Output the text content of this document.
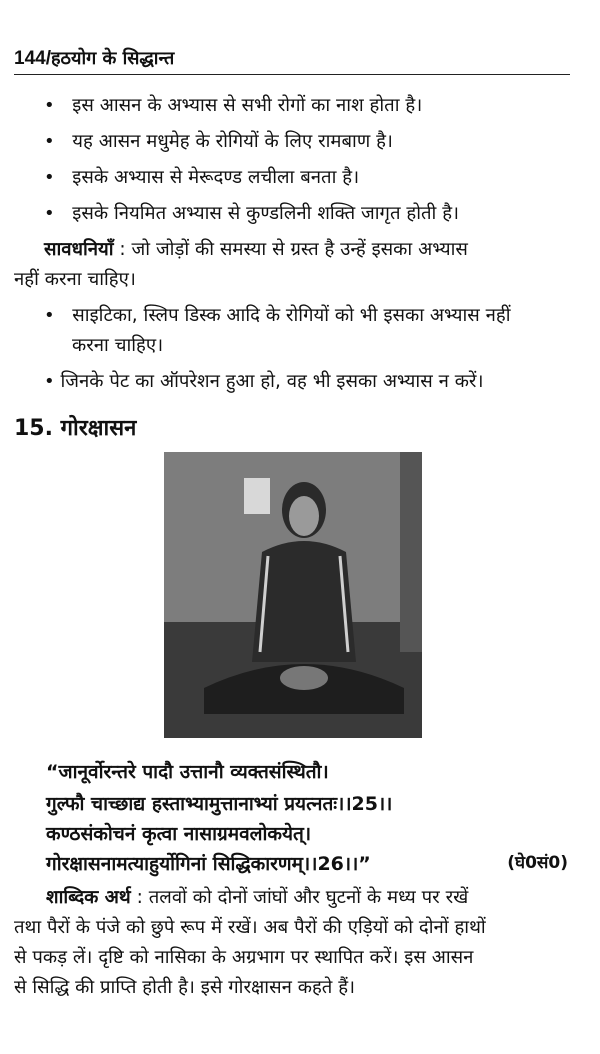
144/हठयोग के सिद्धान्त
• इस आसन के अभ्यास से सभी रोगों का नाश होता है।
• यह आसन मधुमेह के रोगियों के लिए रामबाण है।
• इसके अभ्यास से मेरूदण्ड लचीला बनता है।
• इसके नियमित अभ्यास से कुण्डलिनी शक्ति जागृत होती है।
सावधनियाँ : जो जोड़ों की समस्या से ग्रस्त है उन्हें इसका अभ्यास
नहीं करना चाहिए।
• साइटिका, स्लिप डिस्क आदि के रोगियों को भी इसका अभ्यास नहीं
करना चाहिए।
• जिनके पेट का ऑपरेशन हुआ हो, वह भी इसका अभ्यास न करें।
15. गोरक्षासन
“जानूर्वोरन्तरे पादौ उत्तानौ व्यक्तसंस्थितौ।
गुल्फौ चाच्छाद्य हस्ताभ्यामुत्तानाभ्यां प्रयत्नतः।।25।।
कण्ठसंकोचनं कृत्वा नासाग्रमवलोकयेत्।
गोरक्षासनामत्याहुर्योगिनां सिद्धिकारणम्।।26।।”	(घे0सं0)
शाब्दिक अर्थ : तलवों को दोनों जांघों और घुटनों के मध्य पर रखें
तथा पैरों के पंजे को छुपे रूप में रखें। अब पैरों की एड़ियों को दोनों हाथों
से पकड़ लें। दृष्टि को नासिका के अग्रभाग पर स्थापित करें। इस आसन
से सिद्धि की प्राप्ति होती है। इसे गोरक्षासन कहते हैं।
